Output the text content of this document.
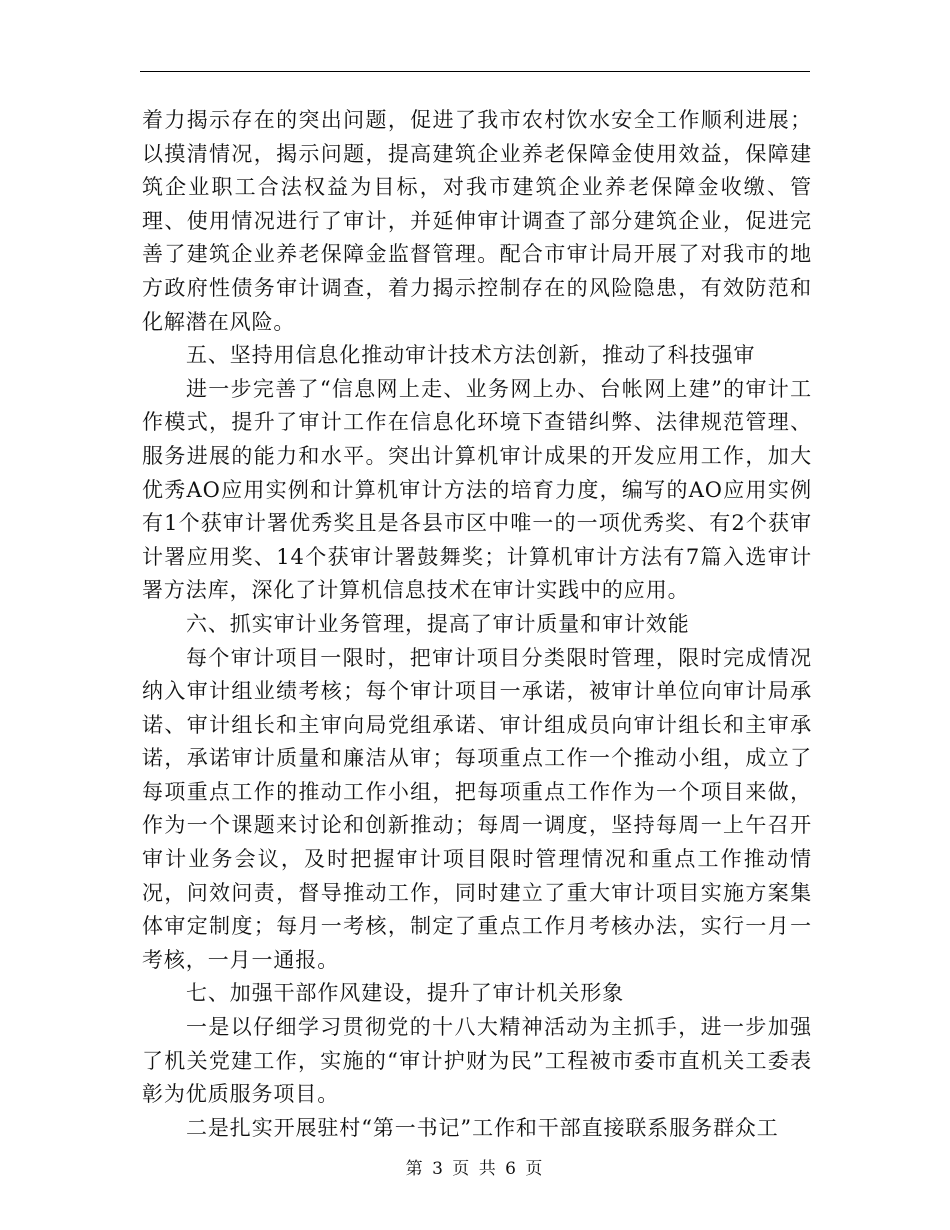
着力揭示存在的突出问题，促进了我市农村饮水安全工作顺利进展；以摸清情况，揭示问题，提高建筑企业养老保障金使用效益，保障建筑企业职工合法权益为目标，对我市建筑企业养老保障金收缴、管理、使用情况进行了审计，并延伸审计调查了部分建筑企业，促进完善了建筑企业养老保障金监督管理。配合市审计局开展了对我市的地方政府性债务审计调查，着力揭示控制存在的风险隐患，有效防范和化解潜在风险。

五、坚持用信息化推动审计技术方法创新，推动了科技强审

进一步完善了“信息网上走、业务网上办、台帐网上建”的审计工作模式，提升了审计工作在信息化环境下查错纠弊、法律规范管理、服务进展的能力和水平。突出计算机审计成果的开发应用工作，加大优秀AO应用实例和计算机审计方法的培育力度，编写的AO应用实例有1个获审计署优秀奖且是各县市区中唯一的一项优秀奖、有2个获审计署应用奖、14个获审计署鼓舞奖；计算机审计方法有7篇入选审计署方法库，深化了计算机信息技术在审计实践中的应用。

六、抓实审计业务管理，提高了审计质量和审计效能

每个审计项目一限时，把审计项目分类限时管理，限时完成情况纳入审计组业绩考核；每个审计项目一承诺，被审计单位向审计局承诺、审计组长和主审向局党组承诺、审计组成员向审计组长和主审承诺，承诺审计质量和廉洁从审；每项重点工作一个推动小组，成立了每项重点工作的推动工作小组，把每项重点工作作为一个项目来做，作为一个课题来讨论和创新推动；每周一调度，坚持每周一上午召开审计业务会议，及时把握审计项目限时管理情况和重点工作推动情况，问效问责，督导推动工作，同时建立了重大审计项目实施方案集体审定制度；每月一考核，制定了重点工作月考核办法，实行一月一考核，一月一通报。

七、加强干部作风建设，提升了审计机关形象

一是以仔细学习贯彻党的十八大精神活动为主抓手，进一步加强了机关党建工作，实施的“审计护财为民”工程被市委市直机关工委表彰为优质服务项目。

二是扎实开展驻村“第一书记”工作和干部直接联系服务群众工

第 3 页 共 6 页
